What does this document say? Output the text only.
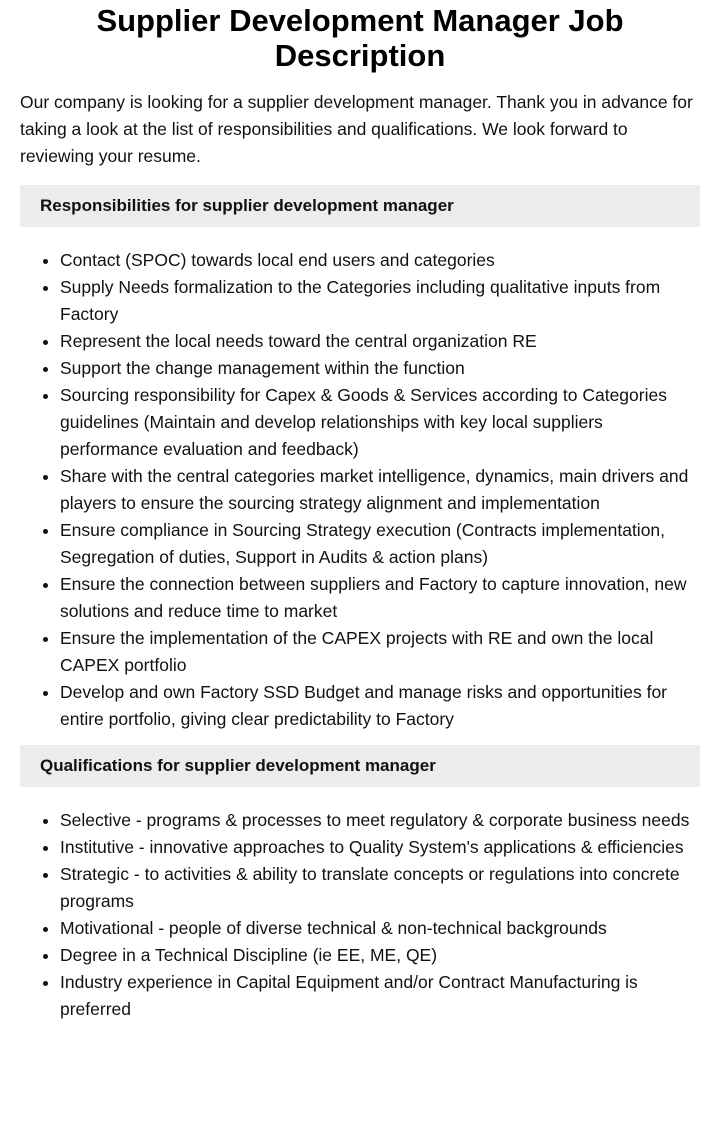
Supplier Development Manager Job Description

Our company is looking for a supplier development manager. Thank you in advance for taking a look at the list of responsibilities and qualifications. We look forward to reviewing your resume.

Responsibilities for supplier development manager
• Contact (SPOC) towards local end users and categories
• Supply Needs formalization to the Categories including qualitative inputs from Factory
• Represent the local needs toward the central organization RE
• Support the change management within the function
• Sourcing responsibility for Capex & Goods & Services according to Categories guidelines (Maintain and develop relationships with key local suppliers performance evaluation and feedback)
• Share with the central categories market intelligence, dynamics, main drivers and players to ensure the sourcing strategy alignment and implementation
• Ensure compliance in Sourcing Strategy execution (Contracts implementation, Segregation of duties, Support in Audits & action plans)
• Ensure the connection between suppliers and Factory to capture innovation, new solutions and reduce time to market
• Ensure the implementation of the CAPEX projects with RE and own the local CAPEX portfolio
• Develop and own Factory SSD Budget and manage risks and opportunities for entire portfolio, giving clear predictability to Factory
Qualifications for supplier development manager
• Selective - programs & processes to meet regulatory & corporate business needs
• Institutive - innovative approaches to Quality System's applications & efficiencies
• Strategic - to activities & ability to translate concepts or regulations into concrete programs
• Motivational - people of diverse technical & non-technical backgrounds
• Degree in a Technical Discipline (ie EE, ME, QE)
• Industry experience in Capital Equipment and/or Contract Manufacturing is preferred
